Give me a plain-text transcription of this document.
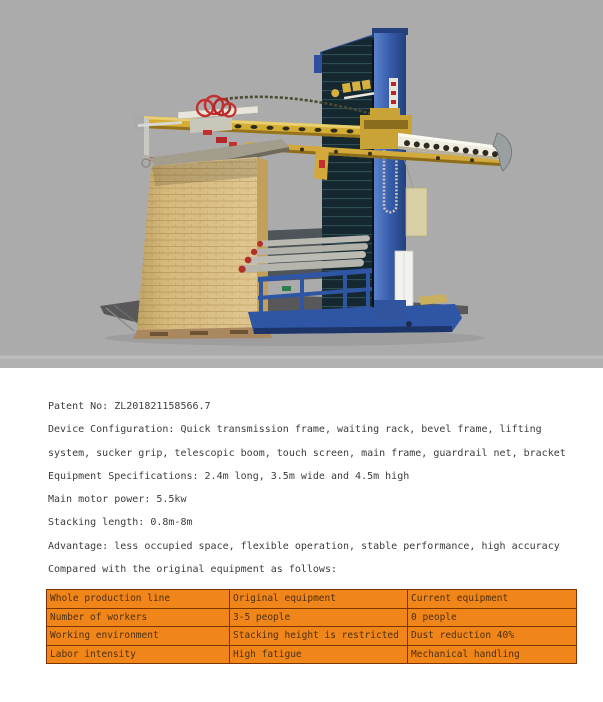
Patent No: ZL201821158566.7
Device Configuration: Quick transmission frame, waiting rack, bevel frame, lifting
system, sucker grip, telescopic boom, touch screen, main frame, guardrail net, bracket
Equipment Specifications: 2.4m long, 3.5m wide and 4.5m high
Main motor power: 5.5kw
Stacking length: 0.8m-8m
Advantage: less occupied space, flexible operation, stable performance, high accuracy
Compared with the original equipment as follows:
Whole production line	Original equipment	Current equipment
Number of workers	3-5 people	0 people
Working environment	Stacking height is restricted	Dust reduction 40%
Labor intensity	High fatigue	Mechanical handling
